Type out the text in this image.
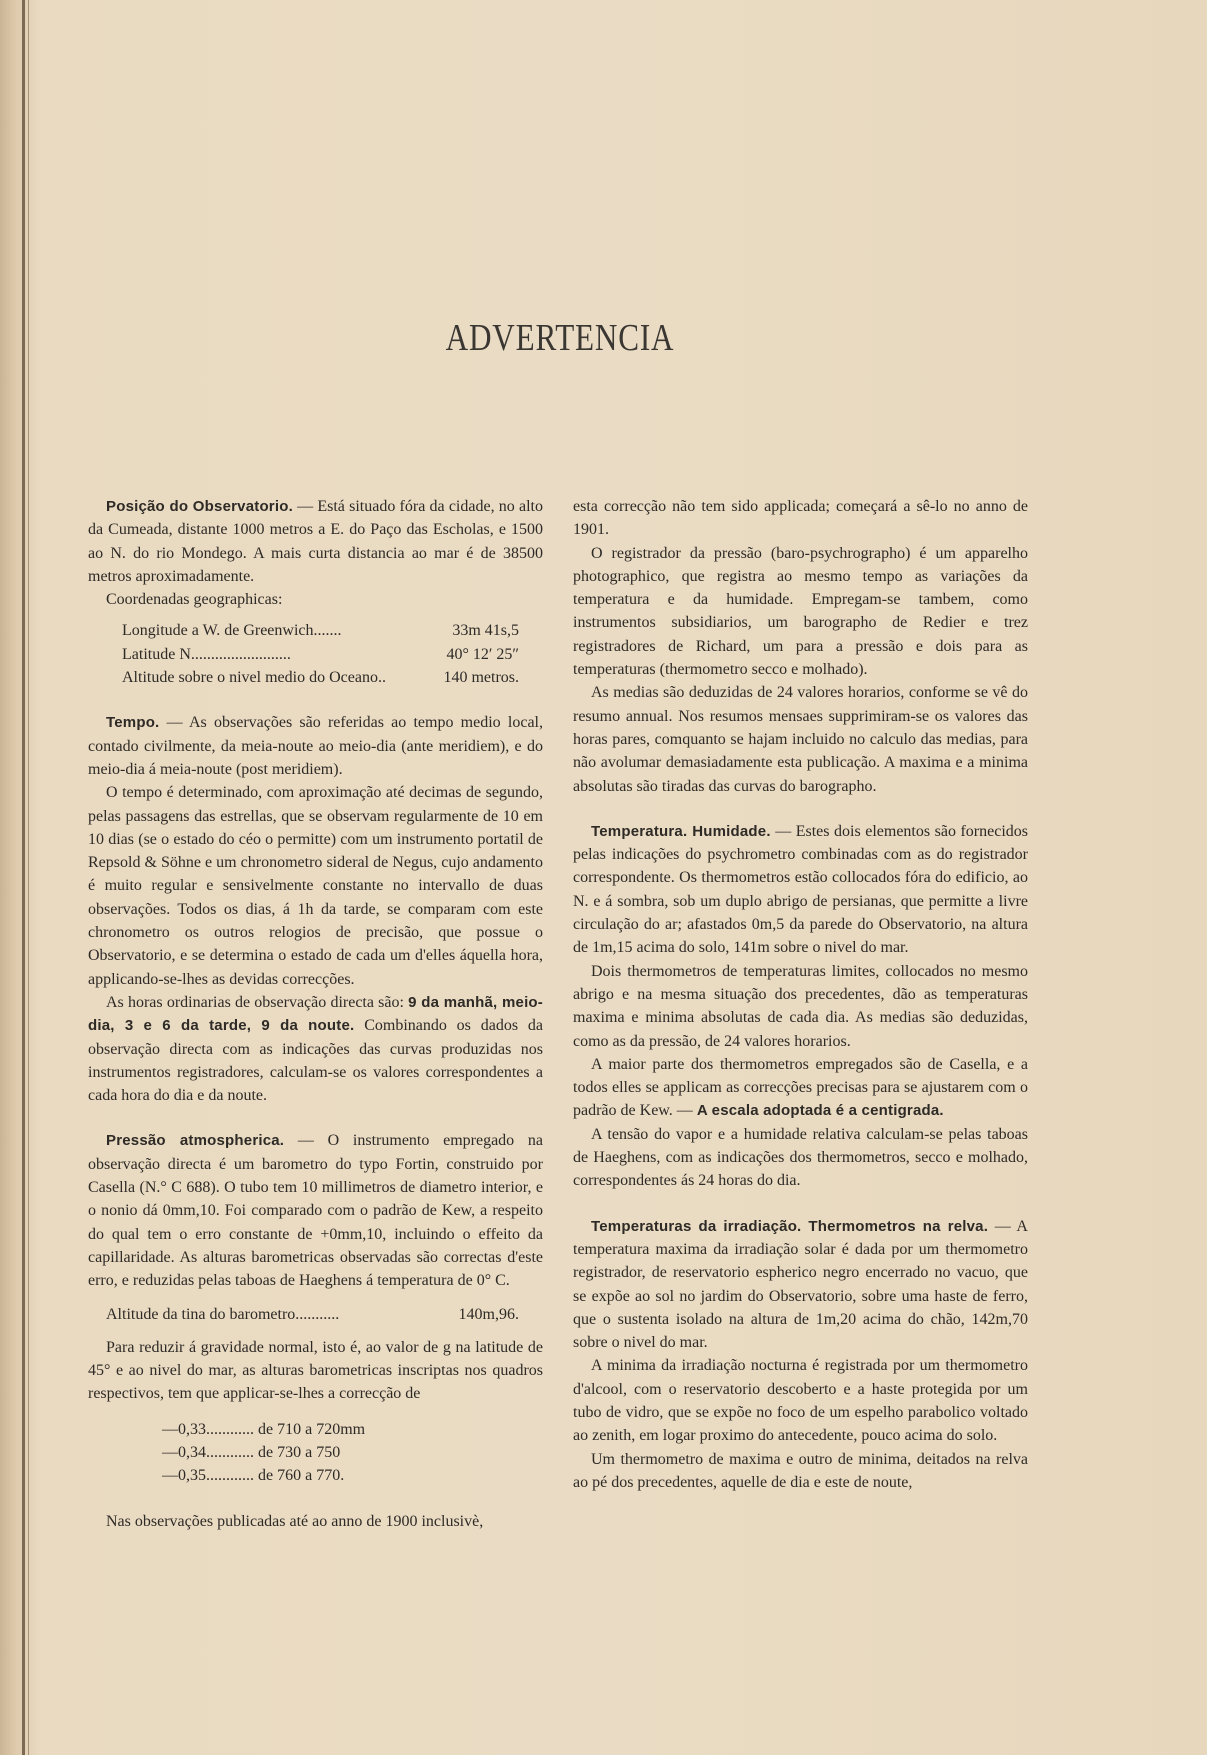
ADVERTENCIA

Posição do Observatorio. — Está situado fóra da cidade, no alto da Cumeada, distante 1000 metros a E. do Paço das Escholas, e 1500 ao N. do rio Mondego. A mais curta distancia ao mar é de 38500 metros aproximadamente.

Coordenadas geographicas:

Longitude a W. de Greenwich.......	33m 41s,5
Latitude N.........................	40° 12′ 25″
Altitude sobre o nivel medio do Oceano..	140 metros.

Tempo. — As observações são referidas ao tempo medio local, contado civilmente, da meia-noute ao meio-dia (ante meridiem), e do meio-dia á meia-noute (post meridiem).

O tempo é determinado, com aproximação até decimas de segundo, pelas passagens das estrellas, que se observam regularmente de 10 em 10 dias (se o estado do céo o permitte) com um instrumento portatil de Repsold & Söhne e um chronometro sideral de Negus, cujo andamento é muito regular e sensivelmente constante no intervallo de duas observações. Todos os dias, á 1h da tarde, se comparam com este chronometro os outros relogios de precisão, que possue o Observatorio, e se determina o estado de cada um d'elles áquella hora, applicando-se-lhes as devidas correcções.

As horas ordinarias de observação directa são: 9 da manhã, meio-dia, 3 e 6 da tarde, 9 da noute. Combinando os dados da observação directa com as indicações das curvas produzidas nos instrumentos registradores, calculam-se os valores correspondentes a cada hora do dia e da noute.

Pressão atmospherica. — O instrumento empregado na observação directa é um barometro do typo Fortin, construido por Casella (N.° C 688). O tubo tem 10 millimetros de diametro interior, e o nonio dá 0mm,10. Foi comparado com o padrão de Kew, a respeito do qual tem o erro constante de +0mm,10, incluindo o effeito da capillaridade. As alturas barometricas observadas são correctas d'este erro, e reduzidas pelas taboas de Haeghens á temperatura de 0° C.

Altitude da tina do barometro...........	140m,96.

Para reduzir á gravidade normal, isto é, ao valor de g na latitude de 45° e ao nivel do mar, as alturas barometricas inscriptas nos quadros respectivos, tem que applicar-se-lhes a correcção de

—0,33............ de 710 a 720mm
—0,34............ de 730 a 750
—0,35............ de 760 a 770.

Nas observações publicadas até ao anno de 1900 inclusivè,

esta correcção não tem sido applicada; começará a sê-lo no anno de 1901.

O registrador da pressão (baro-psychrographo) é um apparelho photographico, que registra ao mesmo tempo as variações da temperatura e da humidade. Empregam-se tambem, como instrumentos subsidiarios, um barographo de Redier e trez registradores de Richard, um para a pressão e dois para as temperaturas (thermometro secco e molhado).

As medias são deduzidas de 24 valores horarios, conforme se vê do resumo annual. Nos resumos mensaes supprimiram-se os valores das horas pares, comquanto se hajam incluido no calculo das medias, para não avolumar demasiadamente esta publicação. A maxima e a minima absolutas são tiradas das curvas do barographo.

Temperatura. Humidade. — Estes dois elementos são fornecidos pelas indicações do psychrometro combinadas com as do registrador correspondente. Os thermometros estão collocados fóra do edificio, ao N. e á sombra, sob um duplo abrigo de persianas, que permitte a livre circulação do ar; afastados 0m,5 da parede do Observatorio, na altura de 1m,15 acima do solo, 141m sobre o nivel do mar.

Dois thermometros de temperaturas limites, collocados no mesmo abrigo e na mesma situação dos precedentes, dão as temperaturas maxima e minima absolutas de cada dia. As medias são deduzidas, como as da pressão, de 24 valores horarios.

A maior parte dos thermometros empregados são de Casella, e a todos elles se applicam as correcções precisas para se ajustarem com o padrão de Kew. — A escala adoptada é a centigrada.

A tensão do vapor e a humidade relativa calculam-se pelas taboas de Haeghens, com as indicações dos thermometros, secco e molhado, correspondentes ás 24 horas do dia.

Temperaturas da irradiação. Thermometros na relva. — A temperatura maxima da irradiação solar é dada por um thermometro registrador, de reservatorio espherico negro encerrado no vacuo, que se expõe ao sol no jardim do Observatorio, sobre uma haste de ferro, que o sustenta isolado na altura de 1m,20 acima do chão, 142m,70 sobre o nivel do mar.

A minima da irradiação nocturna é registrada por um thermometro d'alcool, com o reservatorio descoberto e a haste protegida por um tubo de vidro, que se expõe no foco de um espelho parabolico voltado ao zenith, em logar proximo do antecedente, pouco acima do solo.

Um thermometro de maxima e outro de minima, deitados na relva ao pé dos precedentes, aquelle de dia e este de noute,
